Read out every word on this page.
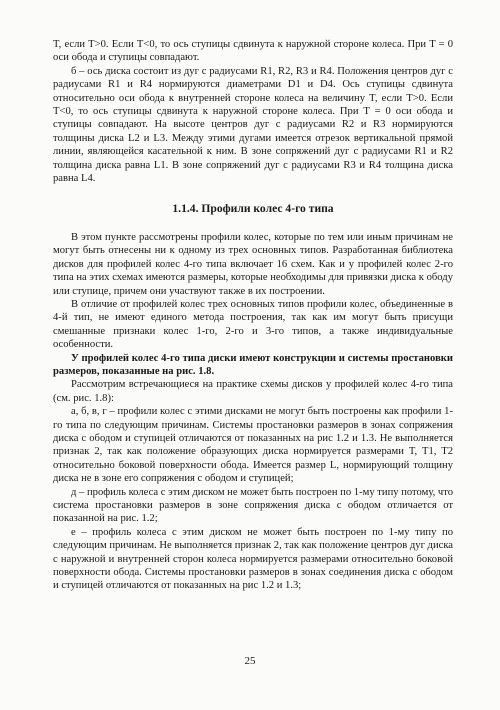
T, если T>0. Если T<0, то ось ступицы сдвинута к наружной стороне колеса. При T = 0 оси обода и ступицы совпадают.

б – ось диска состоит из дуг с радиусами R1, R2, R3 и R4. Положения центров дуг с радиусами R1 и R4 нормируются диаметрами D1 и D4. Ось ступицы сдвинута относительно оси обода к внутренней стороне колеса на величину T, если T>0. Если T<0, то ось ступицы сдвинута к наружной стороне колеса. При T = 0 оси обода и ступицы совпадают. На высоте центров дуг с радиусами R2 и R3 нормируются толщины диска L2 и L3. Между этими дугами имеется отрезок вертикальной прямой линии, являющейся касательной к ним. В зоне сопряжений дуг с радиусами R1 и R2 толщина диска равна L1. В зоне сопряжений дуг с радиусами R3 и R4 толщина диска равна L4.

1.1.4. Профили колес 4-го типа

В этом пункте рассмотрены профили колес, которые по тем или иным причинам не могут быть отнесены ни к одному из трех основных типов. Разработанная библиотека дисков для профилей колес 4-го типа включает 16 схем. Как и у профилей колес 2-го типа на этих схемах имеются размеры, которые необходимы для привязки диска к ободу или ступице, причем они участвуют также в их построении.

В отличие от профилей колес трех основных типов профили колес, объединенные в 4-й тип, не имеют единого метода построения, так как им могут быть присущи смешанные признаки колес 1-го, 2-го и 3-го типов, а также индивидуальные особенности.

У профилей колес 4-го типа диски имеют конструкции и системы простановки размеров, показанные на рис. 1.8.

Рассмотрим встречающиеся на практике схемы дисков у профилей колес 4-го типа (см. рис. 1.8):

а, б, в, г – профили колес с этими дисками не могут быть построены как профили 1-го типа по следующим причинам. Системы простановки размеров в зонах сопряжения диска с ободом и ступицей отличаются от показанных на рис 1.2 и 1.3. Не выполняется признак 2, так как положение образующих диска нормируется размерами T, T1, T2 относительно боковой поверхности обода. Имеется размер L, нормирующий толщину диска не в зоне его сопряжения с ободом и ступицей;

д – профиль колеса с этим диском не может быть построен по 1-му типу потому, что система простановки размеров в зоне сопряжения диска с ободом отличается от показанной на рис. 1.2;

е – профиль колеса с этим диском не может быть построен по 1-му типу по следующим причинам. Не выполняется признак 2, так как положение центров дуг диска с наружной и внутренней сторон колеса нормируется размерами относительно боковой поверхности обода. Системы простановки размеров в зонах соединения диска с ободом и ступицей отличаются от показанных на рис 1.2 и 1.3;

25
